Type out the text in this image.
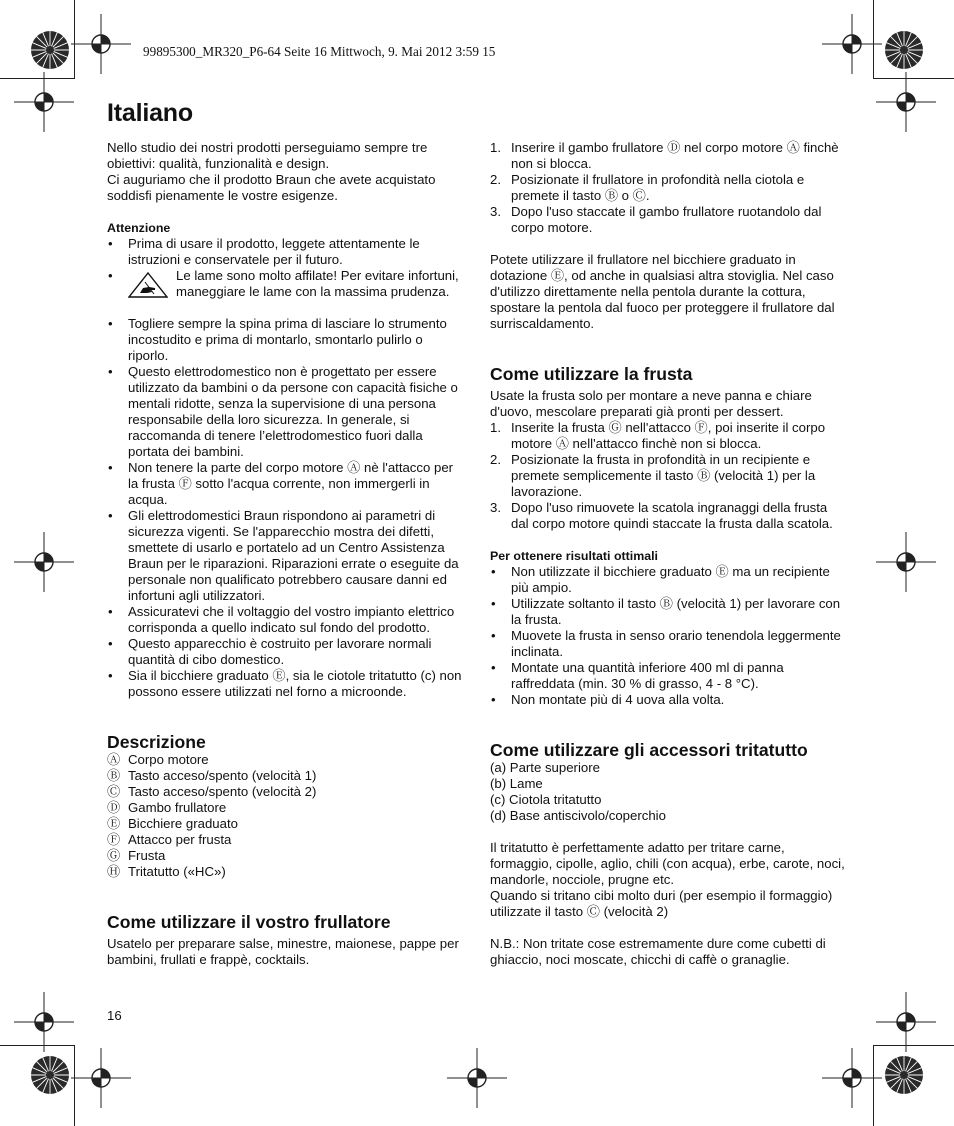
99895300_MR320_P6-64 Seite 16 Mittwoch, 9. Mai 2012 3:59 15
Italiano

Nello studio dei nostri prodotti perseguiamo sempre tre obiettivi: qualità, funzionalità e design.

Ci auguriamo che il prodotto Braun che avete acquistato soddisfi pienamente le vostre esigenze.

Attenzione
• Prima di usare il prodotto, leggete attentamente le istruzioni e conservatele per il futuro.
• Le lame sono molto affilate! Per evitare infortuni, maneggiare le lame con la massima prudenza.
• Togliere sempre la spina prima di lasciare lo strumento incostudito e prima di montarlo, smontarlo pulirlo o riporlo.
• Questo elettrodomestico non è progettato per essere utilizzato da bambini o da persone con capacità fisiche o mentali ridotte, senza la supervisione di una persona responsabile della loro sicurezza. In generale, si raccomanda di tenere l’elettrodomestico fuori dalla portata dei bambini.
• Non tenere la parte del corpo motore Ⓐ nè l'attacco per la frusta Ⓕ sotto l'acqua corrente, non immergerli in acqua.
• Gli elettrodomestici Braun rispondono ai parametri di sicurezza vigenti. Se l'apparecchio mostra dei difetti, smettete di usarlo e portatelo ad un Centro Assistenza Braun per le riparazioni. Riparazioni errate o eseguite da personale non qualificato potrebbero causare danni ed infortuni agli utilizzatori.
• Assicuratevi che il voltaggio del vostro impianto elettrico corrisponda a quello indicato sul fondo del prodotto.
• Questo apparecchio è costruito per lavorare normali quantità di cibo domestico.
• Sia il bicchiere graduato Ⓔ, sia le ciotole tritatutto (c) non possono essere utilizzati nel forno a microonde.
Descrizione
Ⓐ Corpo motore
Ⓑ Tasto acceso/spento (velocità 1)
Ⓒ Tasto acceso/spento (velocità 2)
Ⓓ Gambo frullatore
Ⓔ Bicchiere graduato
Ⓕ Attacco per frusta
Ⓖ Frusta
Ⓗ Tritatutto («HC»)
Come utilizzare il vostro frullatore

Usatelo per preparare salse, minestre, maionese, pappe per bambini, frullati e frappè, cocktails.

1. Inserire il gambo frullatore Ⓓ nel corpo motore Ⓐ finchè non si blocca.
2. Posizionate il frullatore in profondità nella ciotola e premete il tasto Ⓑ o Ⓒ.
3. Dopo l'uso staccate il gambo frullatore ruotandolo dal corpo motore.

Potete utilizzare il frullatore nel bicchiere graduato in dotazione Ⓔ, od anche in qualsiasi altra stoviglia. Nel caso d'utilizzo direttamente nella pentola durante la cottura, spostare la pentola dal fuoco per proteggere il frullatore dal surriscaldamento.

Come utilizzare la frusta

Usate la frusta solo per montare a neve panna e chiare d'uovo, mescolare preparati già pronti per dessert.

1. Inserite la frusta Ⓖ nell'attacco Ⓕ, poi inserite il corpo motore Ⓐ nell'attacco finchè non si blocca.
2. Posizionate la frusta in profondità in un recipiente e premete semplicemente il tasto Ⓑ (velocità 1) per la lavorazione.
3. Dopo l'uso rimuovete la scatola ingranaggi della frusta dal corpo motore quindi staccate la frusta dalla scatola.
Per ottenere risultati ottimali
• Non utilizzate il bicchiere graduato Ⓔ ma un recipiente più ampio.
• Utilizzate soltanto il tasto Ⓑ (velocità 1) per lavorare con la frusta.
• Muovete la frusta in senso orario tenendola leggermente inclinata.
• Montate una quantità inferiore 400 ml di panna raffreddata (min. 30 % di grasso, 4 - 8 °C).
• Non montate più di 4 uova alla volta.
Come utilizzare gli accessori tritatutto
(a) Parte superiore
(b) Lame
(c) Ciotola tritatutto
(d) Base antiscivolo/coperchio

Il tritatutto è perfettamente adatto per tritare carne, formaggio, cipolle, aglio, chili (con acqua), erbe, carote, noci, mandorle, nocciole, prugne etc.

Quando si tritano cibi molto duri (per esempio il formaggio) utilizzate il tasto Ⓒ (velocità 2)

N.B.: Non tritate cose estremamente dure come cubetti di ghiaccio, noci moscate, chicchi di caffè o granaglie.

16
